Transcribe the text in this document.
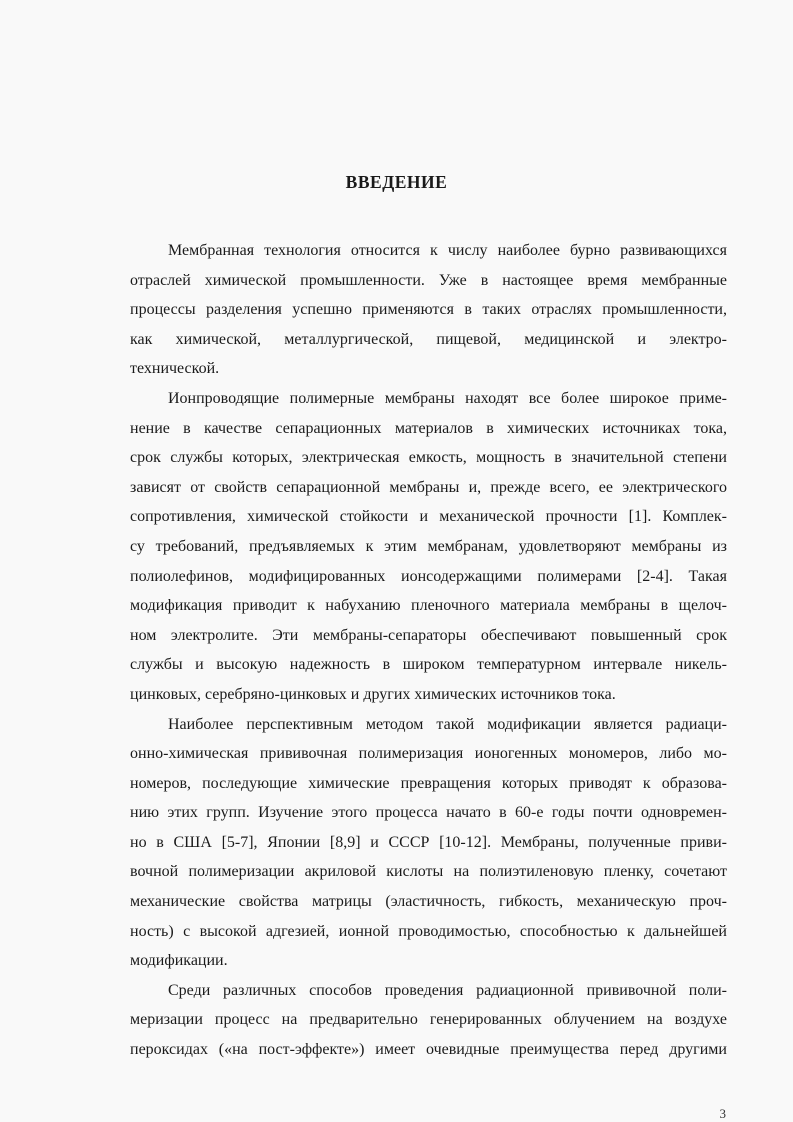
ВВЕДЕНИЕ
Мембранная технология относится к числу наиболее бурно развивающихся
отраслей химической промышленности. Уже в настоящее время мембранные
процессы разделения успешно применяются в таких отраслях промышленности,
как химической, металлургической, пищевой, медицинской и электро-
технической.
Ионпроводящие полимерные мембраны находят все более широкое приме-
нение в качестве сепарационных материалов в химических источниках тока,
срок службы которых, электрическая емкость, мощность в значительной степени
зависят от свойств сепарационной мембраны и, прежде всего, ее электрического
сопротивления, химической стойкости и механической прочности [1]. Комплек-
су требований, предъявляемых к этим мембранам, удовлетворяют мембраны из
полиолефинов, модифицированных ионсодержащими полимерами [2-4]. Такая
модификация приводит к набуханию пленочного материала мембраны в щелоч-
ном электролите. Эти мембраны-сепараторы обеспечивают повышенный срок
службы и высокую надежность в широком температурном интервале никель-
цинковых, серебряно-цинковых и других химических источников тока.
Наиболее перспективным методом такой модификации является радиаци-
онно-химическая прививочная полимеризация ионогенных мономеров, либо мо-
номеров, последующие химические превращения которых приводят к образова-
нию этих групп. Изучение этого процесса начато в 60-е годы почти одновремен-
но в США [5-7], Японии [8,9] и СССР [10-12]. Мембраны, полученные приви-
вочной полимеризации акриловой кислоты на полиэтиленовую пленку, сочетают
механические свойства матрицы (эластичность, гибкость, механическую проч-
ность) с высокой адгезией, ионной проводимостью, способностью к дальнейшей
модификации.
Среди различных способов проведения радиационной прививочной поли-
меризации процесс на предварительно генерированных облучением на воздухе
пероксидах («на пост-эффекте») имеет очевидные преимущества перед другими
3
